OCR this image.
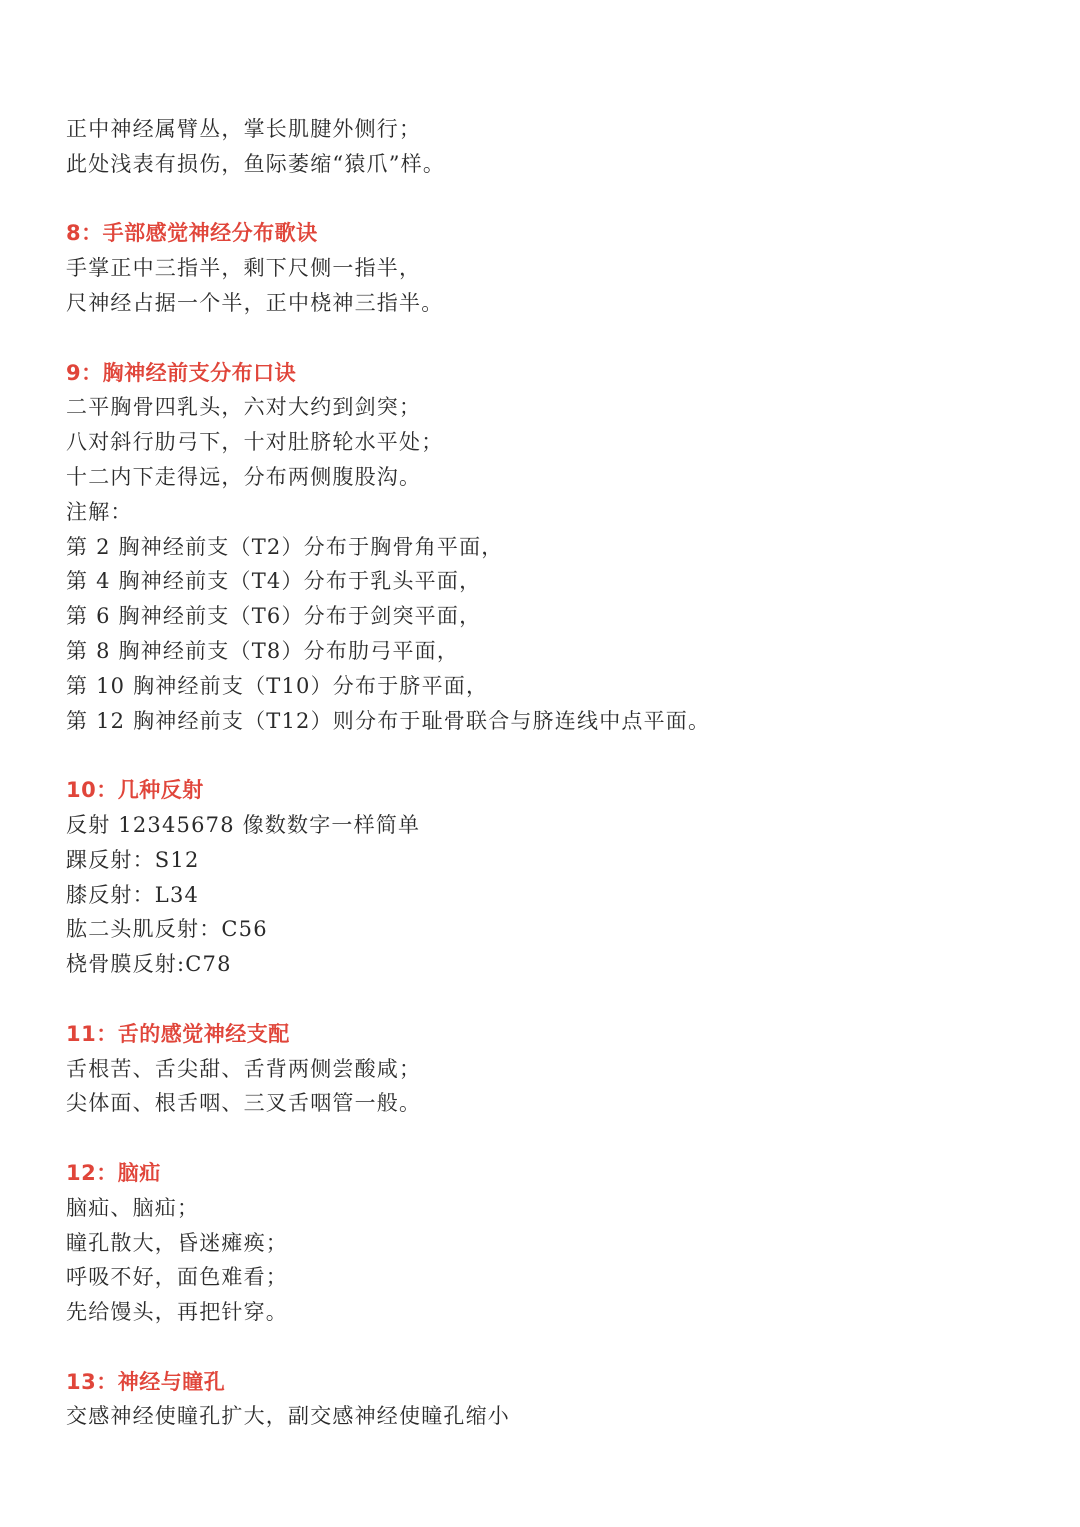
正中神经属臂丛，掌长肌腱外侧行；
此处浅表有损伤，鱼际萎缩“猿爪”样。
8：手部感觉神经分布歌诀
手掌正中三指半，剩下尺侧一指半，
尺神经占据一个半，正中桡神三指半。
9：胸神经前支分布口诀
二平胸骨四乳头，六对大约到剑突；
八对斜行肋弓下，十对肚脐轮水平处；
十二内下走得远，分布两侧腹股沟。
注解：
第 2 胸神经前支（T2）分布于胸骨角平面，
第 4 胸神经前支（T4）分布于乳头平面，
第 6 胸神经前支（T6）分布于剑突平面，
第 8 胸神经前支（T8）分布肋弓平面，
第 10 胸神经前支（T10）分布于脐平面，
第 12 胸神经前支（T12）则分布于耻骨联合与脐连线中点平面。
10：几种反射
反射 12345678 像数数字一样简单
踝反射：S12
膝反射：L34
肱二头肌反射：C56
桡骨膜反射:C78
11：舌的感觉神经支配
舌根苦、舌尖甜、舌背两侧尝酸咸；
尖体面、根舌咽、三叉舌咽管一般。
12：脑疝
脑疝、脑疝；
瞳孔散大，昏迷瘫痪；
呼吸不好，面色难看；
先给馒头，再把针穿。
13：神经与瞳孔
交感神经使瞳孔扩大，副交感神经使瞳孔缩小
